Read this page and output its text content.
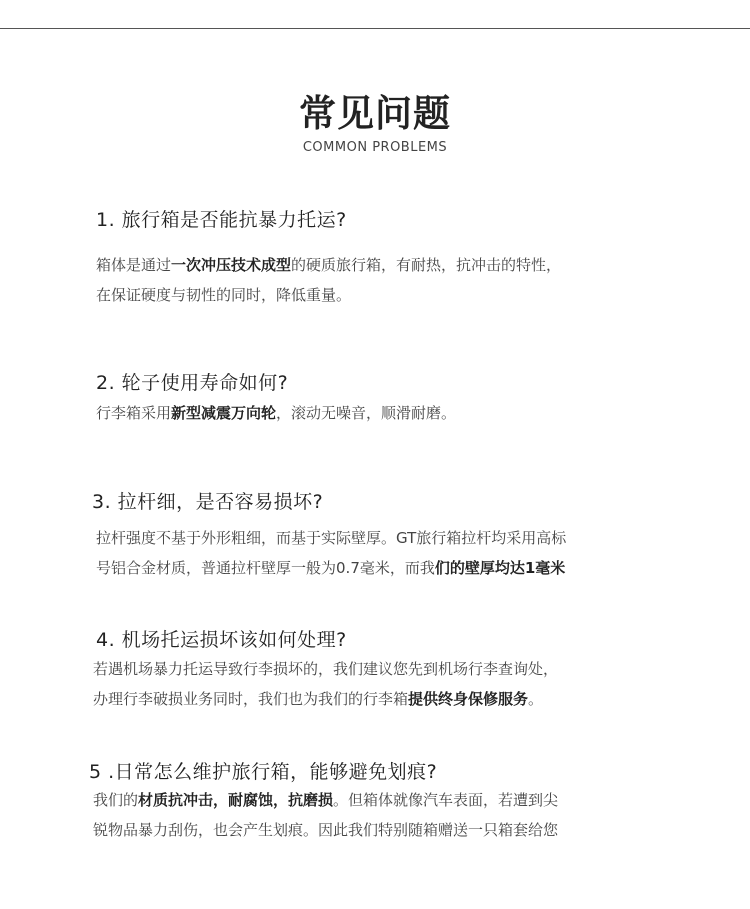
常见问题
COMMON PROBLEMS
1. 旅行箱是否能抗暴力托运?
箱体是通过一次冲压技术成型的硬质旅行箱，有耐热，抗冲击的特性，
在保证硬度与韧性的同时，降低重量。
2. 轮子使用寿命如何?
行李箱采用新型减震万向轮，滚动无噪音，顺滑耐磨。
3. 拉杆细，是否容易损坏?
拉杆强度不基于外形粗细，而基于实际壁厚。GT旅行箱拉杆均采用高标
号铝合金材质，普通拉杆壁厚一般为0.7毫米，而我们的壁厚均达1毫米
4. 机场托运损坏该如何处理?
若遇机场暴力托运导致行李损坏的，我们建议您先到机场行李查询处，
办理行李破损业务同时，我们也为我们的行李箱提供终身保修服务。
5 .日常怎么维护旅行箱，能够避免划痕?
我们的材质抗冲击，耐腐蚀，抗磨损。但箱体就像汽车表面，若遭到尖
锐物品暴力刮伤，也会产生划痕。因此我们特别随箱赠送一只箱套给您
